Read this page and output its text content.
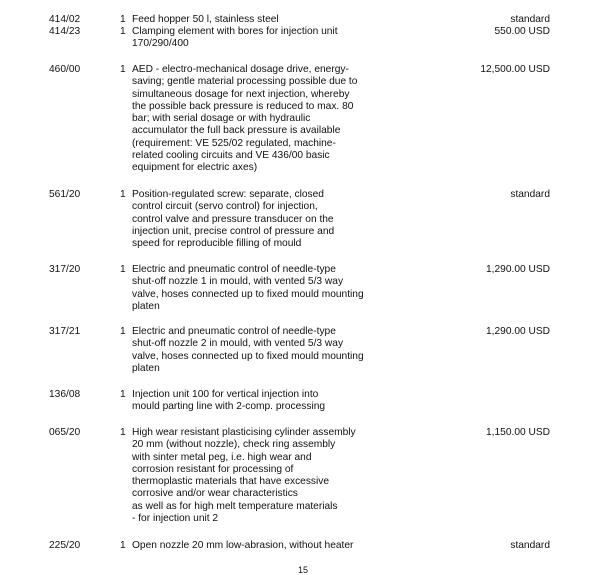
414/02	1 Feed hopper 50 l, stainless steel	standard
414/23	1 Clamping element with bores for injection unit
170/290/400
550.00 USD
460/00	1 AED - electro-mechanical dosage drive, energy-
saving; gentle material processing possible due to
simultaneous dosage for next injection, whereby
the possible back pressure is reduced to max. 80
bar; with serial dosage or with hydraulic
accumulator the full back pressure is available
(requirement: VE 525/02 regulated, machine-
related cooling circuits and VE 436/00 basic
equipment for electric axes)
12,500.00 USD
561/20	1 Position-regulated screw: separate, closed
control circuit (servo control) for injection,
control valve and pressure transducer on the
injection unit, precise control of pressure and
speed for reproducible filling of mould
standard
317/20	1 Electric and pneumatic control of needle-type
shut-off nozzle 1 in mould, with vented 5/3 way
valve, hoses connected up to fixed mould mounting
platen
1,290.00 USD
317/21	1 Electric and pneumatic control of needle-type
shut-off nozzle 2 in mould, with vented 5/3 way
valve, hoses connected up to fixed mould mounting
platen
1,290.00 USD
136/08	1 Injection unit 100 for vertical injection into
mould parting line with 2-comp. processing
065/20	1 High wear resistant plasticising cylinder assembly
20 mm (without nozzle), check ring assembly
with sinter metal peg, i.e. high wear and
corrosion resistant for processing of
thermoplastic materials that have excessive
corrosive and/or wear characteristics
as well as for high melt temperature materials
- for injection unit 2
1,150.00 USD
225/20	1 Open nozzle 20 mm low-abrasion, without heater	standard
15
